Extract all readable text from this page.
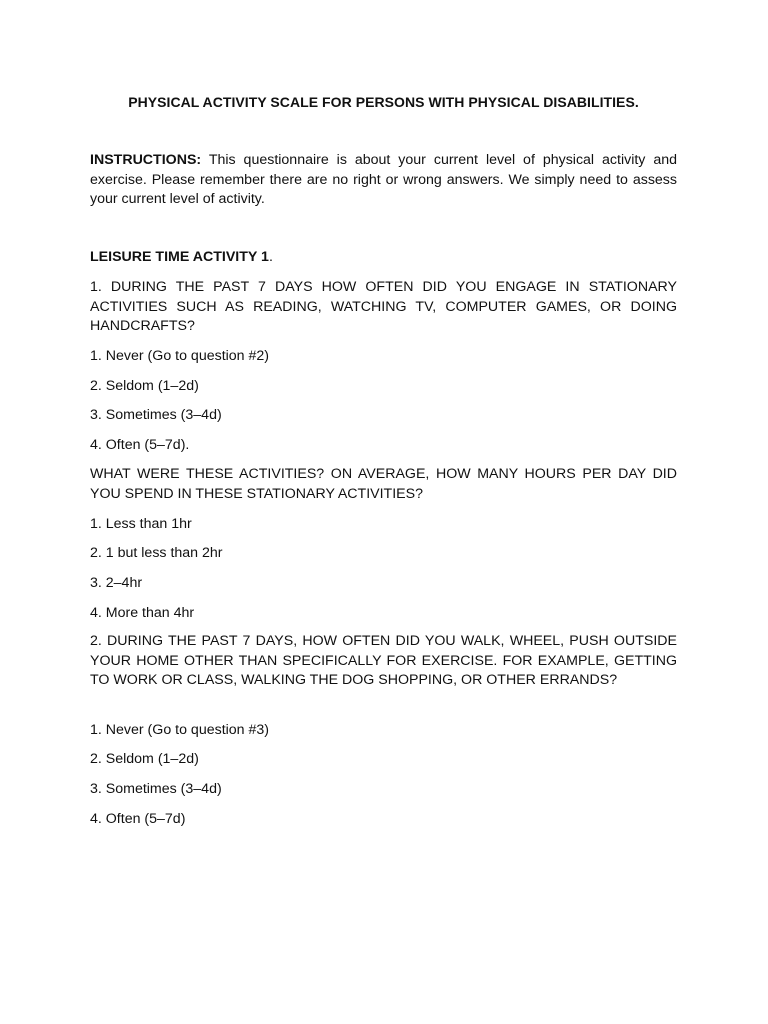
PHYSICAL ACTIVITY SCALE FOR PERSONS WITH PHYSICAL DISABILITIES.

INSTRUCTIONS: This questionnaire is about your current level of physical activity and exercise. Please remember there are no right or wrong answers. We simply need to assess your current level of activity.

LEISURE TIME ACTIVITY 1.

1. DURING THE PAST 7 DAYS HOW OFTEN DID YOU ENGAGE IN STATIONARY ACTIVITIES SUCH AS READING, WATCHING TV, COMPUTER GAMES, OR DOING HANDCRAFTS?

1. Never (Go to question #2)

2. Seldom (1–2d)

3. Sometimes (3–4d)

4. Often (5–7d).

WHAT WERE THESE ACTIVITIES? ON AVERAGE, HOW MANY HOURS PER DAY DID YOU SPEND IN THESE STATIONARY ACTIVITIES?

1. Less than 1hr

2. 1 but less than 2hr

3. 2–4hr

4. More than 4hr

2. DURING THE PAST 7 DAYS, HOW OFTEN DID YOU WALK, WHEEL, PUSH OUTSIDE YOUR HOME OTHER THAN SPECIFICALLY FOR EXERCISE. FOR EXAMPLE, GETTING TO WORK OR CLASS, WALKING THE DOG SHOPPING, OR OTHER ERRANDS?

1. Never (Go to question #3)

2. Seldom (1–2d)

3. Sometimes (3–4d)

4. Often (5–7d)
